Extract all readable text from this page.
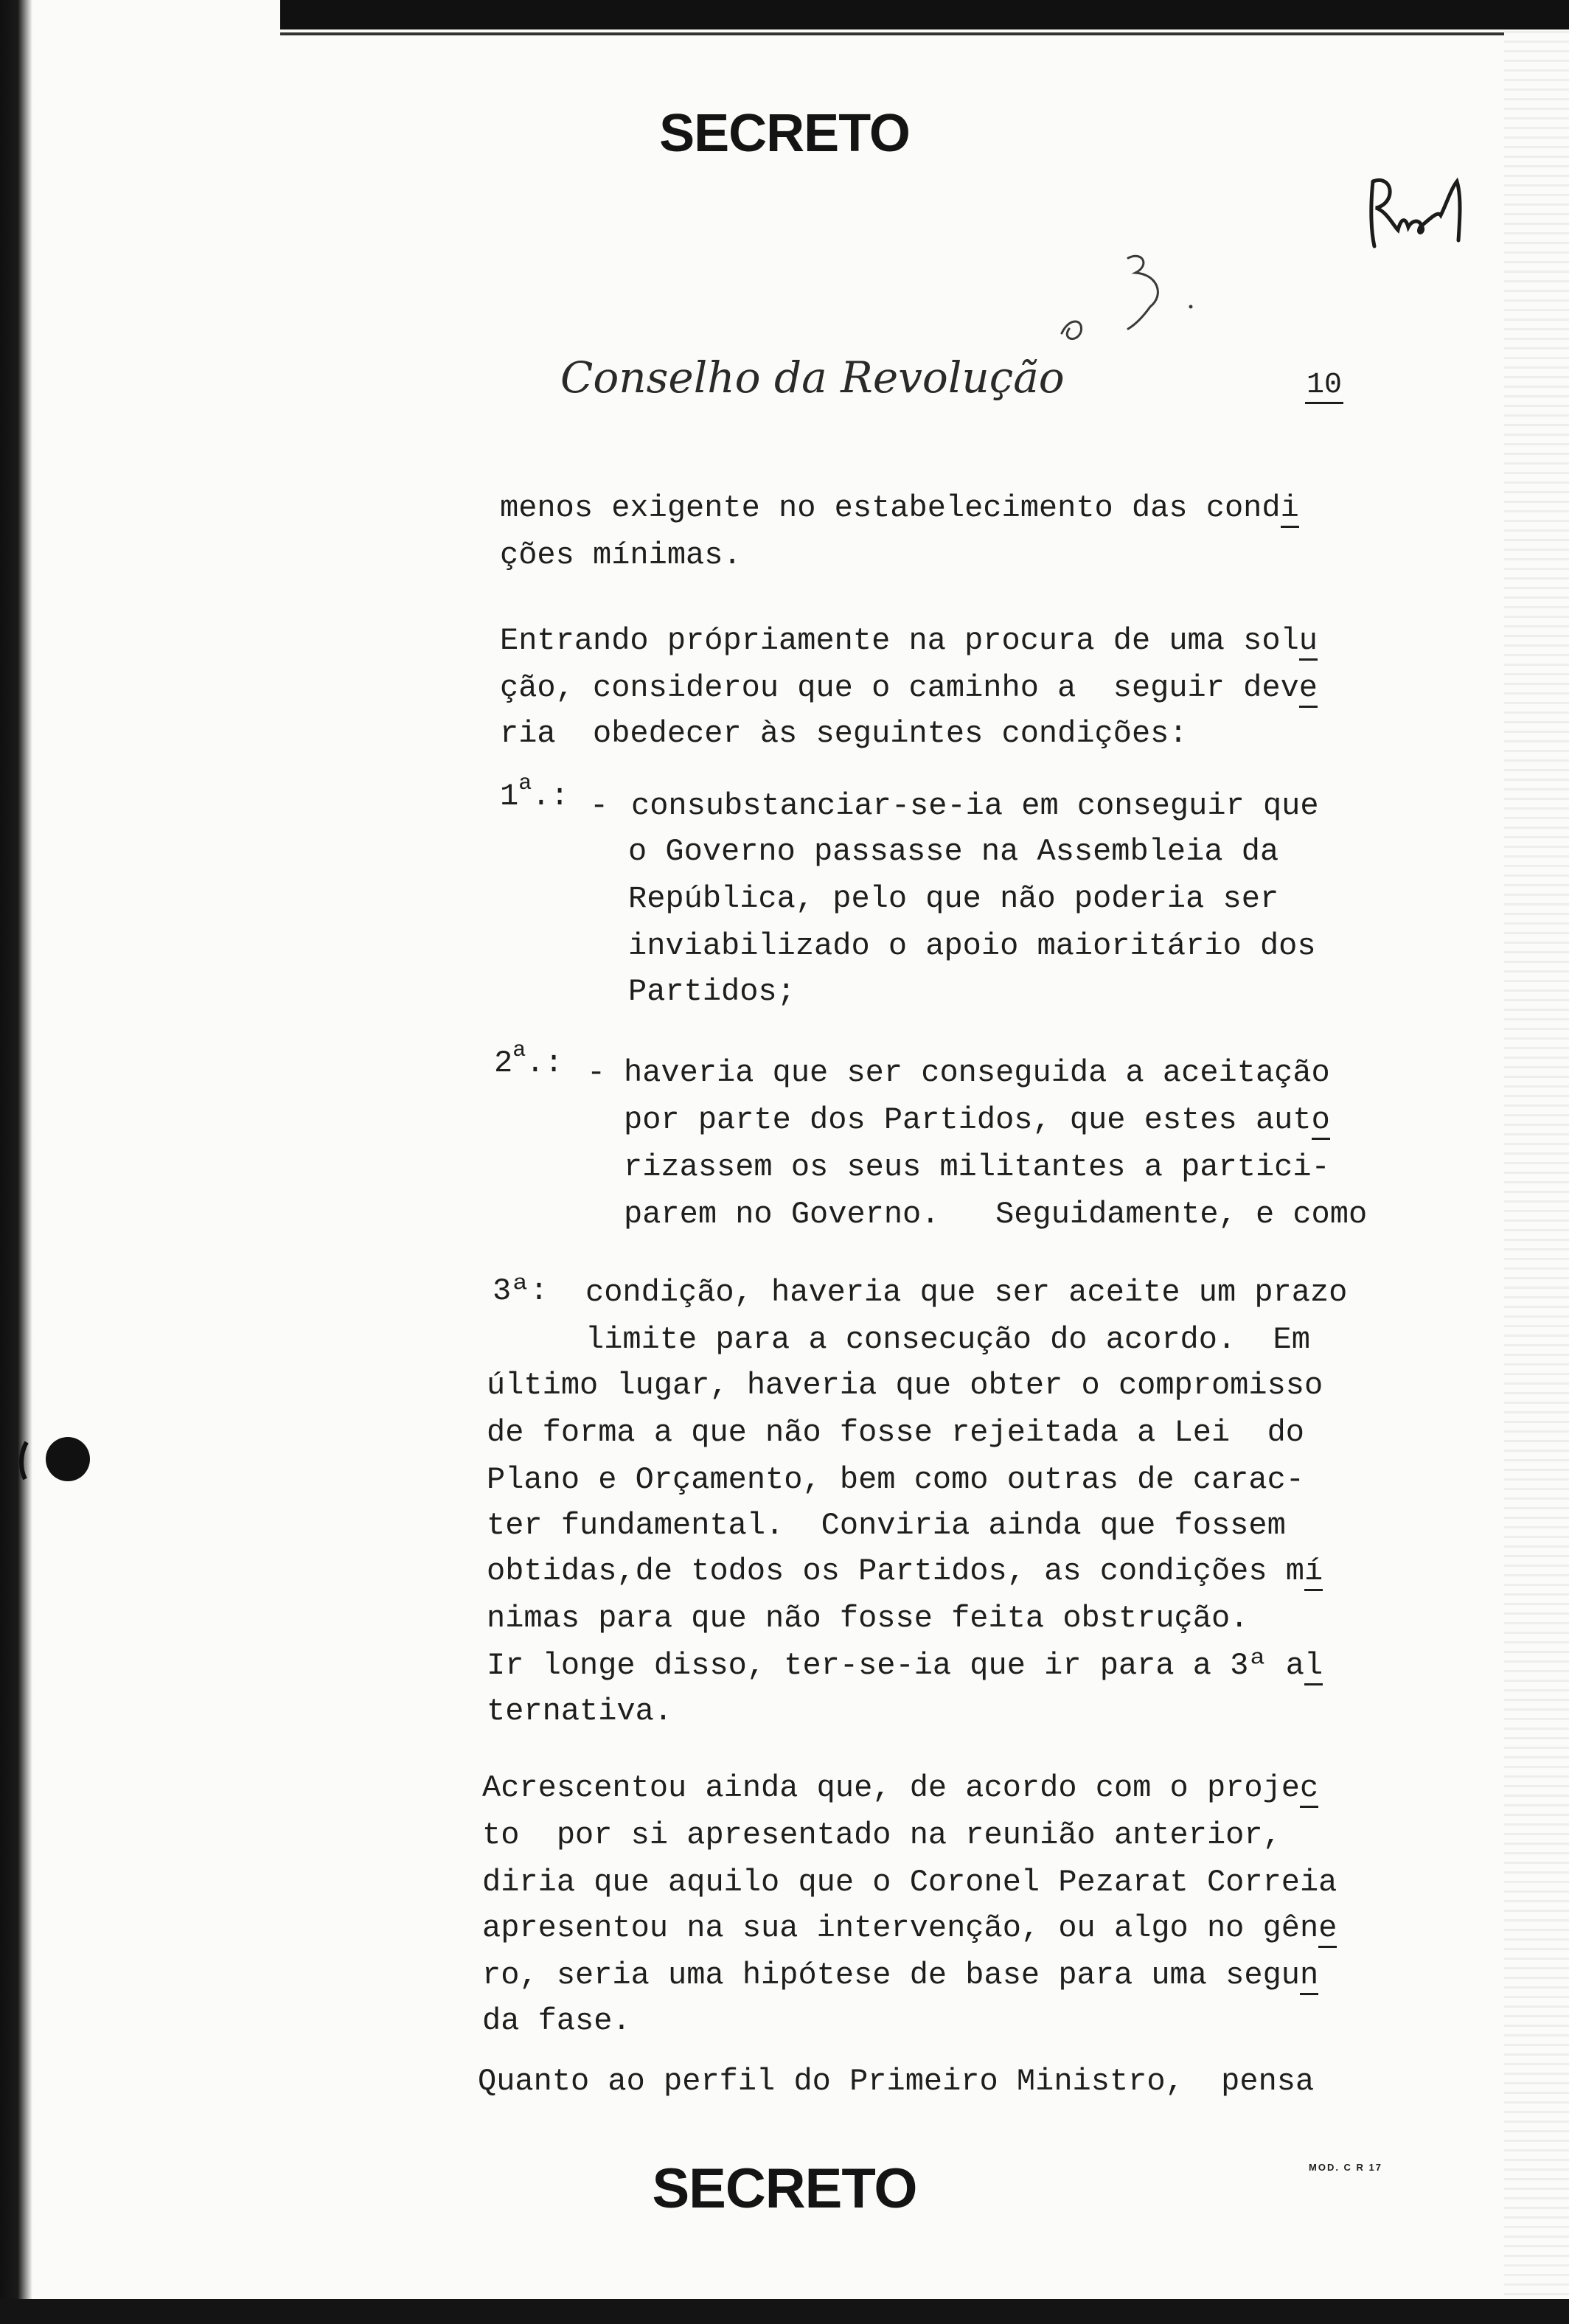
SECRETO
Conselho da Revolução	10
menos exigente no estabelecimento das condi
ções mínimas.
Entrando própriamente na procura de uma solu
ção, considerou que o caminho a  seguir deve
ria  obedecer às seguintes condições:
1$^a$.: - consubstanciar-se-ia em conseguir que
o Governo passasse na Assembleia da
República, pelo que não poderia ser
inviabilizado o apoio maioritário dos
Partidos;
2$^a$.: - haveria que ser conseguida a aceitação
por parte dos Partidos, que estes auto
rizassem os seus militantes a partici-
parem no Governo.   Seguidamente, e como
3ª: condição, haveria que ser aceite um prazo
limite para a consecução do acordo.  Em
último lugar, haveria que obter o compromisso
de forma a que não fosse rejeitada a Lei  do
Plano e Orçamento, bem como outras de carac-
ter fundamental.  Conviria ainda que fossem
obtidas,de todos os Partidos, as condições mí
nimas para que não fosse feita obstrução.
Ir longe disso, ter-se-ia que ir para a 3ª al
ternativa.
Acrescentou ainda que, de acordo com o projec
to  por si apresentado na reunião anterior,
diria que aquilo que o Coronel Pezarat Correia
apresentou na sua intervenção, ou algo no gêne
ro, seria uma hipótese de base para uma segun
da fase.
Quanto ao perfil do Primeiro Ministro,  pensa
SECRETO	MOD. C R 17
